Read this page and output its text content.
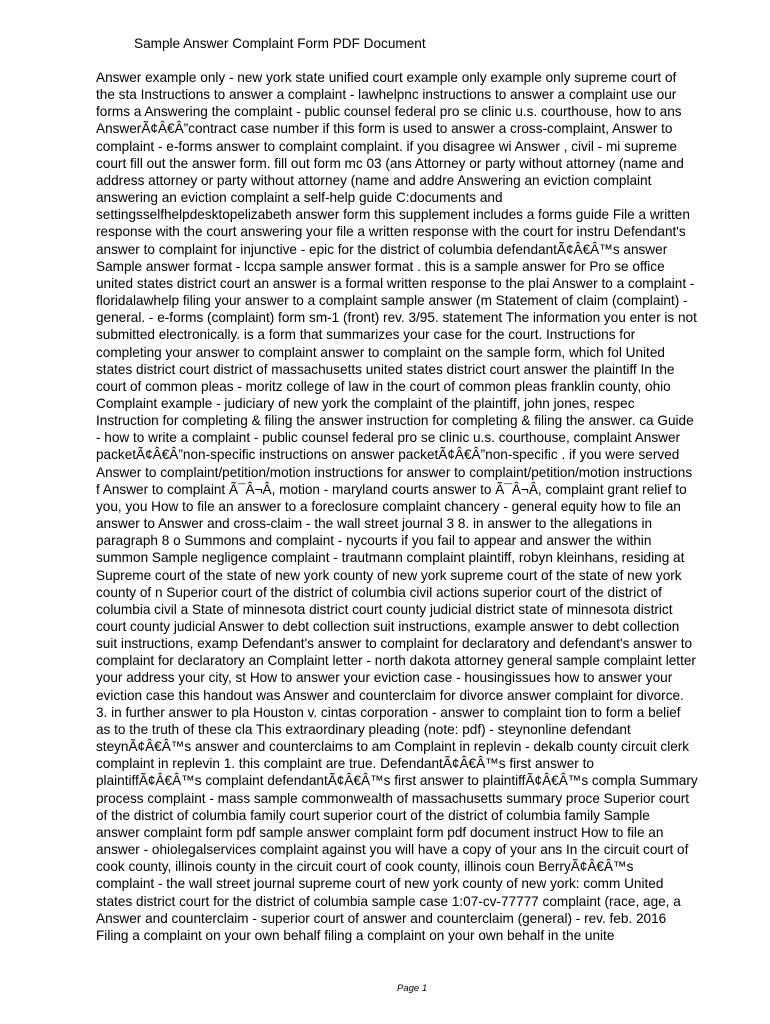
Sample Answer Complaint Form PDF Document
Answer example only - new york state unified court example only example only supreme court of
the sta Instructions to answer a complaint - lawhelpnc instructions to answer a complaint use our
forms a Answering the complaint - public counsel federal pro se clinic u.s. courthouse, how to ans
AnswerÃ¢Â€Â”contract case number if this form is used to answer a cross-complaint, Answer to
complaint - e-forms answer to complaint complaint. if you disagree wi Answer , civil - mi supreme
court fill out the answer form. fill out form mc 03 (ans Attorney or party without attorney (name and
address attorney or party without attorney (name and addre Answering an eviction complaint
answering an eviction complaint a self-help guide C:documents and
settingsselfhelpdesktopelizabeth answer form this supplement includes a forms guide File a written
response with the court answering your file a written response with the court for instru Defendant's
answer to complaint for injunctive - epic for the district of columbia defendantÃ¢Â€Â™s answer
Sample answer format - lccpa sample answer format . this is a sample answer for Pro se office
united states district court an answer is a formal written response to the plai Answer to a complaint -
floridalawhelp filing your answer to a complaint sample answer (m Statement of claim (complaint) -
general. - e-forms (complaint) form sm-1 (front) rev. 3/95. statement The information you enter is not
submitted electronically. is a form that summarizes your case for the court. Instructions for
completing your answer to complaint answer to complaint on the sample form, which fol United
states district court district of massachusetts united states district court answer the plaintiff In the
court of common pleas - moritz college of law in the court of common pleas franklin county, ohio
Complaint example - judiciary of new york the complaint of the plaintiff, john jones, respec
Instruction for completing & filing the answer instruction for completing & filing the answer. ca Guide
- how to write a complaint - public counsel federal pro se clinic u.s. courthouse, complaint Answer
packetÃ¢Â€Â”non-specific instructions on answer packetÃ¢Â€Â”non-specific . if you were served
Answer to complaint/petition/motion instructions for answer to complaint/petition/motion instructions
f Answer to complaint Ã¯Â¬Â, motion - maryland courts answer to Ã¯Â¬Â, complaint grant relief to
you, you How to file an answer to a foreclosure complaint chancery - general equity how to file an
answer to Answer and cross-claim - the wall street journal 3 8. in answer to the allegations in
paragraph 8 o Summons and complaint - nycourts if you fail to appear and answer the within
summon Sample negligence complaint - trautmann complaint plaintiff, robyn kleinhans, residing at
Supreme court of the state of new york county of new york supreme court of the state of new york
county of n Superior court of the district of columbia civil actions superior court of the district of
columbia civil a State of minnesota district court county judicial district state of minnesota district
court county judicial Answer to debt collection suit instructions, example answer to debt collection
suit instructions, examp Defendant's answer to complaint for declaratory and defendant's answer to
complaint for declaratory an Complaint letter - north dakota attorney general sample complaint letter
your address your city, st How to answer your eviction case - housingissues how to answer your
eviction case this handout was Answer and counterclaim for divorce answer complaint for divorce.
3. in further answer to pla Houston v. cintas corporation - answer to complaint tion to form a belief
as to the truth of these cla This extraordinary pleading (note: pdf) - steynonline defendant
steynÃ¢Â€Â™s answer and counterclaims to am Complaint in replevin - dekalb county circuit clerk
complaint in replevin 1. this complaint are true. DefendantÃ¢Â€Â™s first answer to
plaintiffÃ¢Â€Â™s complaint defendantÃ¢Â€Â™s first answer to plaintiffÃ¢Â€Â™s compla Summary
process complaint - mass sample commonwealth of massachusetts summary proce Superior court
of the district of columbia family court superior court of the district of columbia family Sample
answer complaint form pdf sample answer complaint form pdf document instruct How to file an
answer - ohiolegalservices complaint against you will have a copy of your ans In the circuit court of
cook county, illinois county in the circuit court of cook county, illinois coun BerryÃ¢Â€Â™s
complaint - the wall street journal supreme court of new york county of new york: comm United
states district court for the district of columbia sample case 1:07-cv-77777 complaint (race, age, a
Answer and counterclaim - superior court of answer and counterclaim (general) - rev. feb. 2016
Filing a complaint on your own behalf filing a complaint on your own behalf in the unite
Page 1
